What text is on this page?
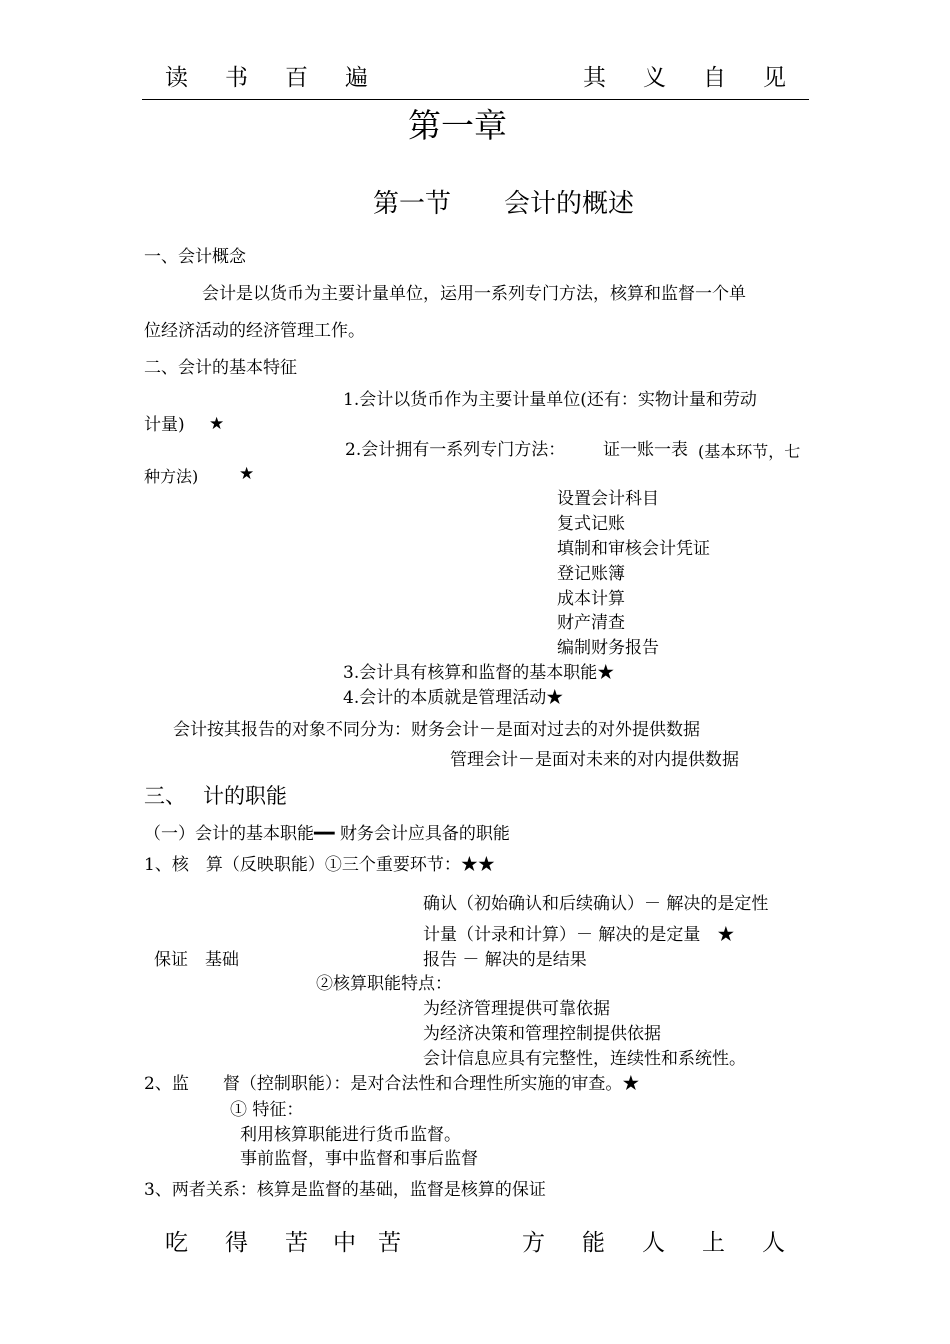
读 书 百 遍	其 义 自 见
第一章
第一节 会计的概述
一、会计概念
会计是以货币为主要计量单位，运用一系列专门方法，核算和监督一个单
位经济活动的经济管理工作。
二、会计的基本特征
1.会计以货币作为主要计量单位(还有：实物计量和劳动
计量) ★
2.会计拥有一系列专门方法： 证一账一表 (基本环节，七
种方法) ★
设置会计科目
复式记账
填制和审核会计凭证
登记账簿
成本计算
财产清查
编制财务报告
3.会计具有核算和监督的基本职能★
4.会计的本质就是管理活动★
会计按其报告的对象不同分为：财务会计－是面对过去的对外提供数据
管理会计－是面对未来的对内提供数据
三、 计的职能
（一）会计的基本职能━━ 财务会计应具备的职能
1、核　算（反映职能）①三个重要环节：★★
确认（初始确认和后续确认）－ 解决的是定性
计量（计录和计算）－ 解决的是定量　★
保证　基础	报告 － 解决的是结果
②核算职能特点：
为经济管理提供可靠依据
为经济决策和管理控制提供依据
会计信息应具有完整性，连续性和系统性。
2、监　　督（控制职能）：是对合法性和合理性所实施的审查。★
① 特征：
利用核算职能进行货币监督。
事前监督，事中监督和事后监督
3、两者关系：核算是监督的基础，监督是核算的保证
吃 得 苦 中 苦	方 能 人 上 人
